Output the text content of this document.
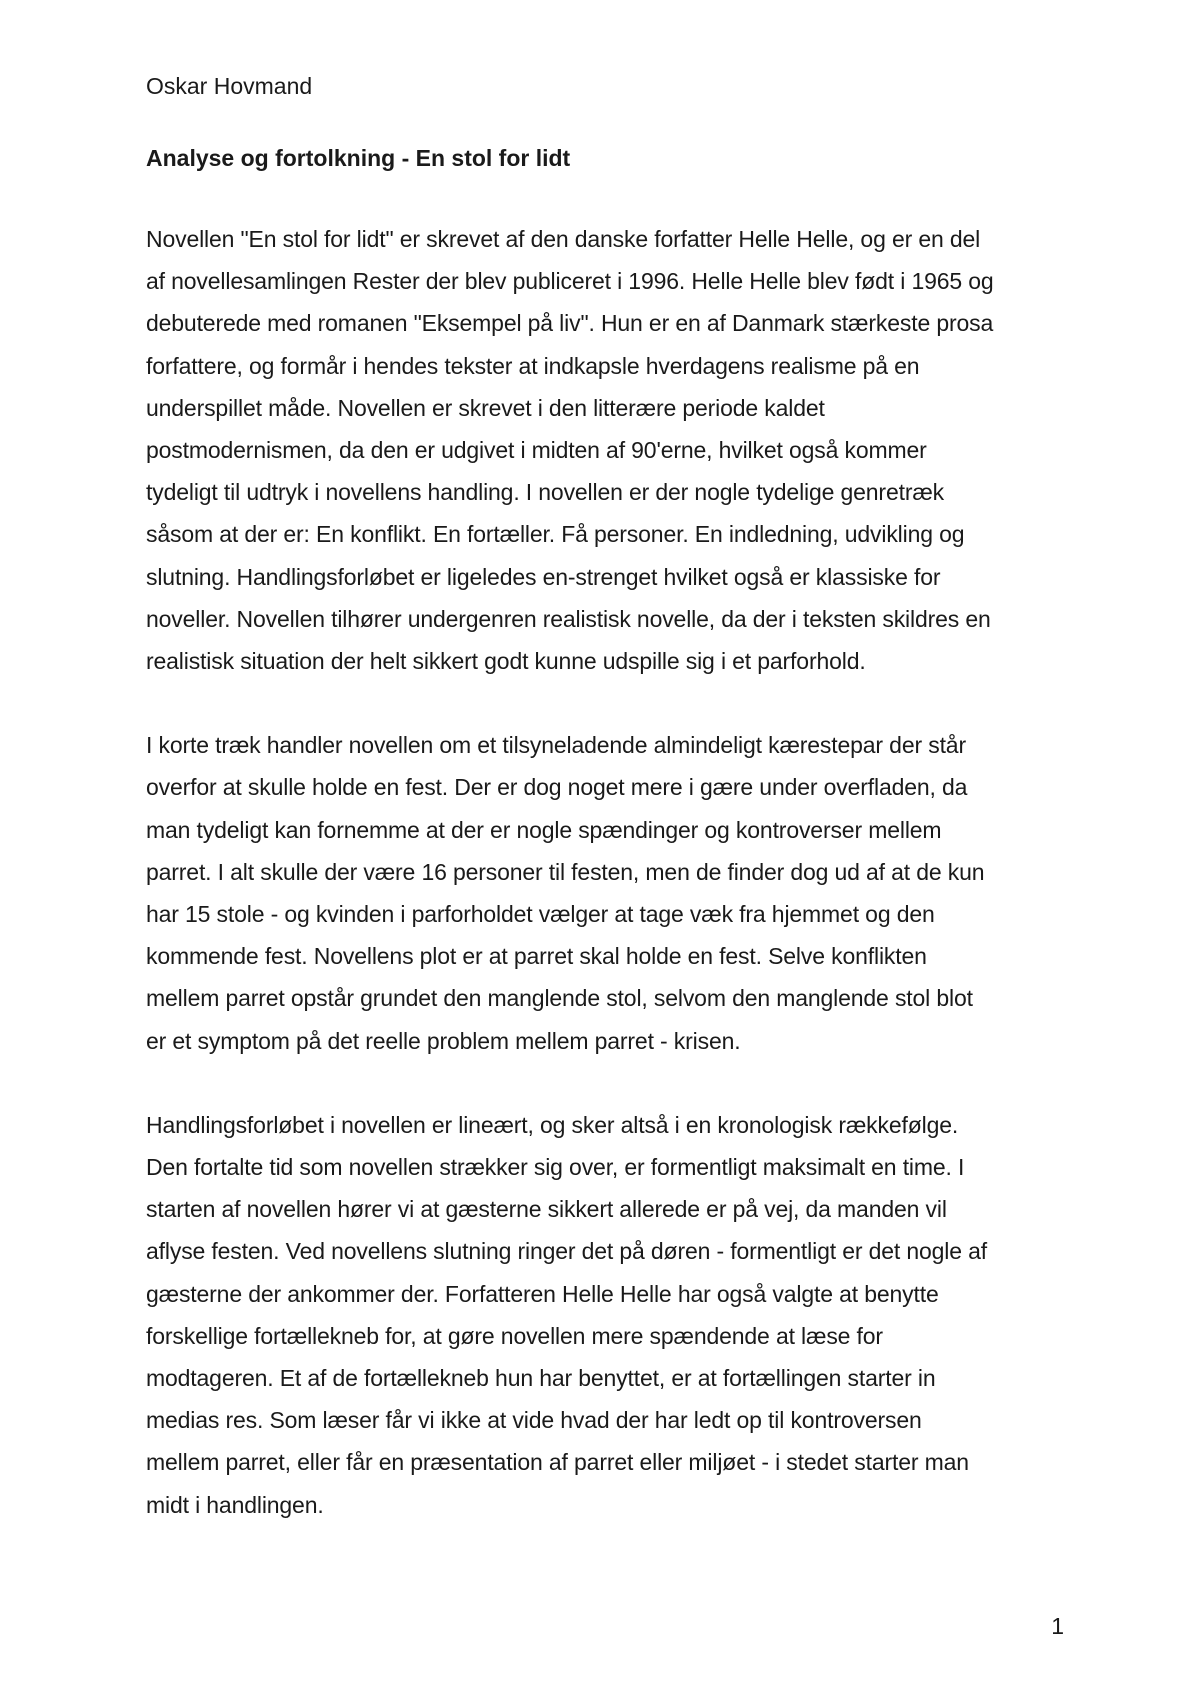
Oskar Hovmand

Analyse og fortolkning - En stol for lidt

Novellen "En stol for lidt" er skrevet af den danske forfatter Helle Helle, og er en del
af novellesamlingen Rester der blev publiceret i 1996. Helle Helle blev født i 1965 og
debuterede med romanen "Eksempel på liv". Hun er en af Danmark stærkeste prosa
forfattere, og formår i hendes tekster at indkapsle hverdagens realisme på en
underspillet måde. Novellen er skrevet i den litterære periode kaldet
postmodernismen, da den er udgivet i midten af 90'erne, hvilket også kommer
tydeligt til udtryk i novellens handling. I novellen er der nogle tydelige genretræk
såsom at der er: En konflikt. En fortæller. Få personer. En indledning, udvikling og
slutning. Handlingsforløbet er ligeledes en-strenget hvilket også er klassiske for
noveller. Novellen tilhører undergenren realistisk novelle, da der i teksten skildres en
realistisk situation der helt sikkert godt kunne udspille sig i et parforhold.
I korte træk handler novellen om et tilsyneladende almindeligt kærestepar der står
overfor at skulle holde en fest. Der er dog noget mere i gære under overfladen, da
man tydeligt kan fornemme at der er nogle spændinger og kontroverser mellem
parret. I alt skulle der være 16 personer til festen, men de finder dog ud af at de kun
har 15 stole - og kvinden i parforholdet vælger at tage væk fra hjemmet og den
kommende fest. Novellens plot er at parret skal holde en fest. Selve konflikten
mellem parret opstår grundet den manglende stol, selvom den manglende stol blot
er et symptom på det reelle problem mellem parret - krisen.
Handlingsforløbet i novellen er lineært, og sker altså i en kronologisk rækkefølge.
Den fortalte tid som novellen strækker sig over, er formentligt maksimalt en time. I
starten af novellen hører vi at gæsterne sikkert allerede er på vej, da manden vil
aflyse festen. Ved novellens slutning ringer det på døren - formentligt er det nogle af
gæsterne der ankommer der. Forfatteren Helle Helle har også valgte at benytte
forskellige fortællekneb for, at gøre novellen mere spændende at læse for
modtageren. Et af de fortællekneb hun har benyttet, er at fortællingen starter in
medias res. Som læser får vi ikke at vide hvad der har ledt op til kontroversen
mellem parret, eller får en præsentation af parret eller miljøet - i stedet starter man
midt i handlingen.
1
